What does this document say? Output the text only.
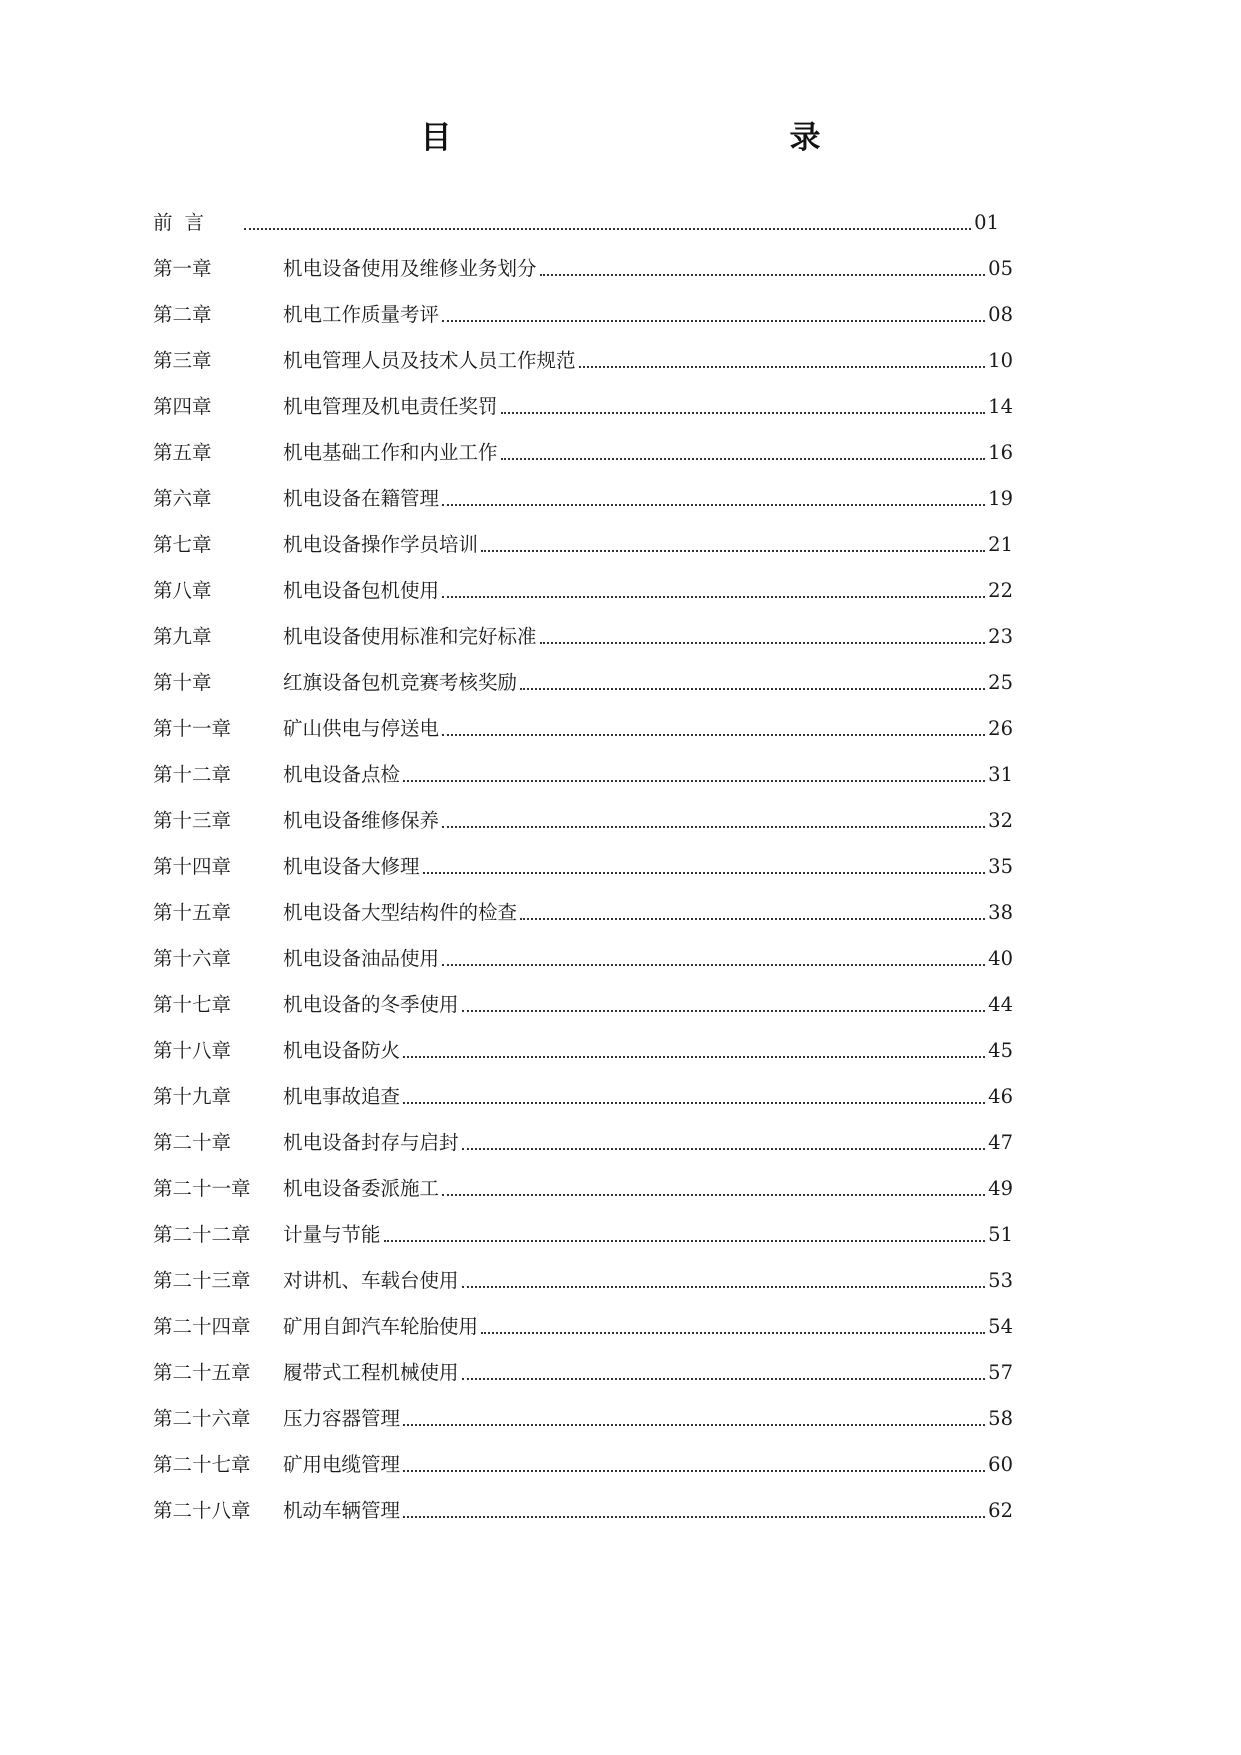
目　　录
前言	01
第一章	机电设备使用及维修业务划分	05
第二章	机电工作质量考评	08
第三章	机电管理人员及技术人员工作规范	10
第四章	机电管理及机电责任奖罚	14
第五章	机电基础工作和内业工作	16
第六章	机电设备在籍管理	19
第七章	机电设备操作学员培训	21
第八章	机电设备包机使用	22
第九章	机电设备使用标准和完好标准	23
第十章	红旗设备包机竞赛考核奖励	25
第十一章	矿山供电与停送电	26
第十二章	机电设备点检	31
第十三章	机电设备维修保养	32
第十四章	机电设备大修理	35
第十五章	机电设备大型结构件的检查	38
第十六章	机电设备油品使用	40
第十七章	机电设备的冬季使用	44
第十八章	机电设备防火	45
第十九章	机电事故追查	46
第二十章	机电设备封存与启封	47
第二十一章 机电设备委派施工	49
第二十二章 计量与节能	51
第二十三章 对讲机、车载台使用	53
第二十四章 矿用自卸汽车轮胎使用	54
第二十五章 履带式工程机械使用	57
第二十六章 压力容器管理	58
第二十七章 矿用电缆管理	60
第二十八章 机动车辆管理	62
